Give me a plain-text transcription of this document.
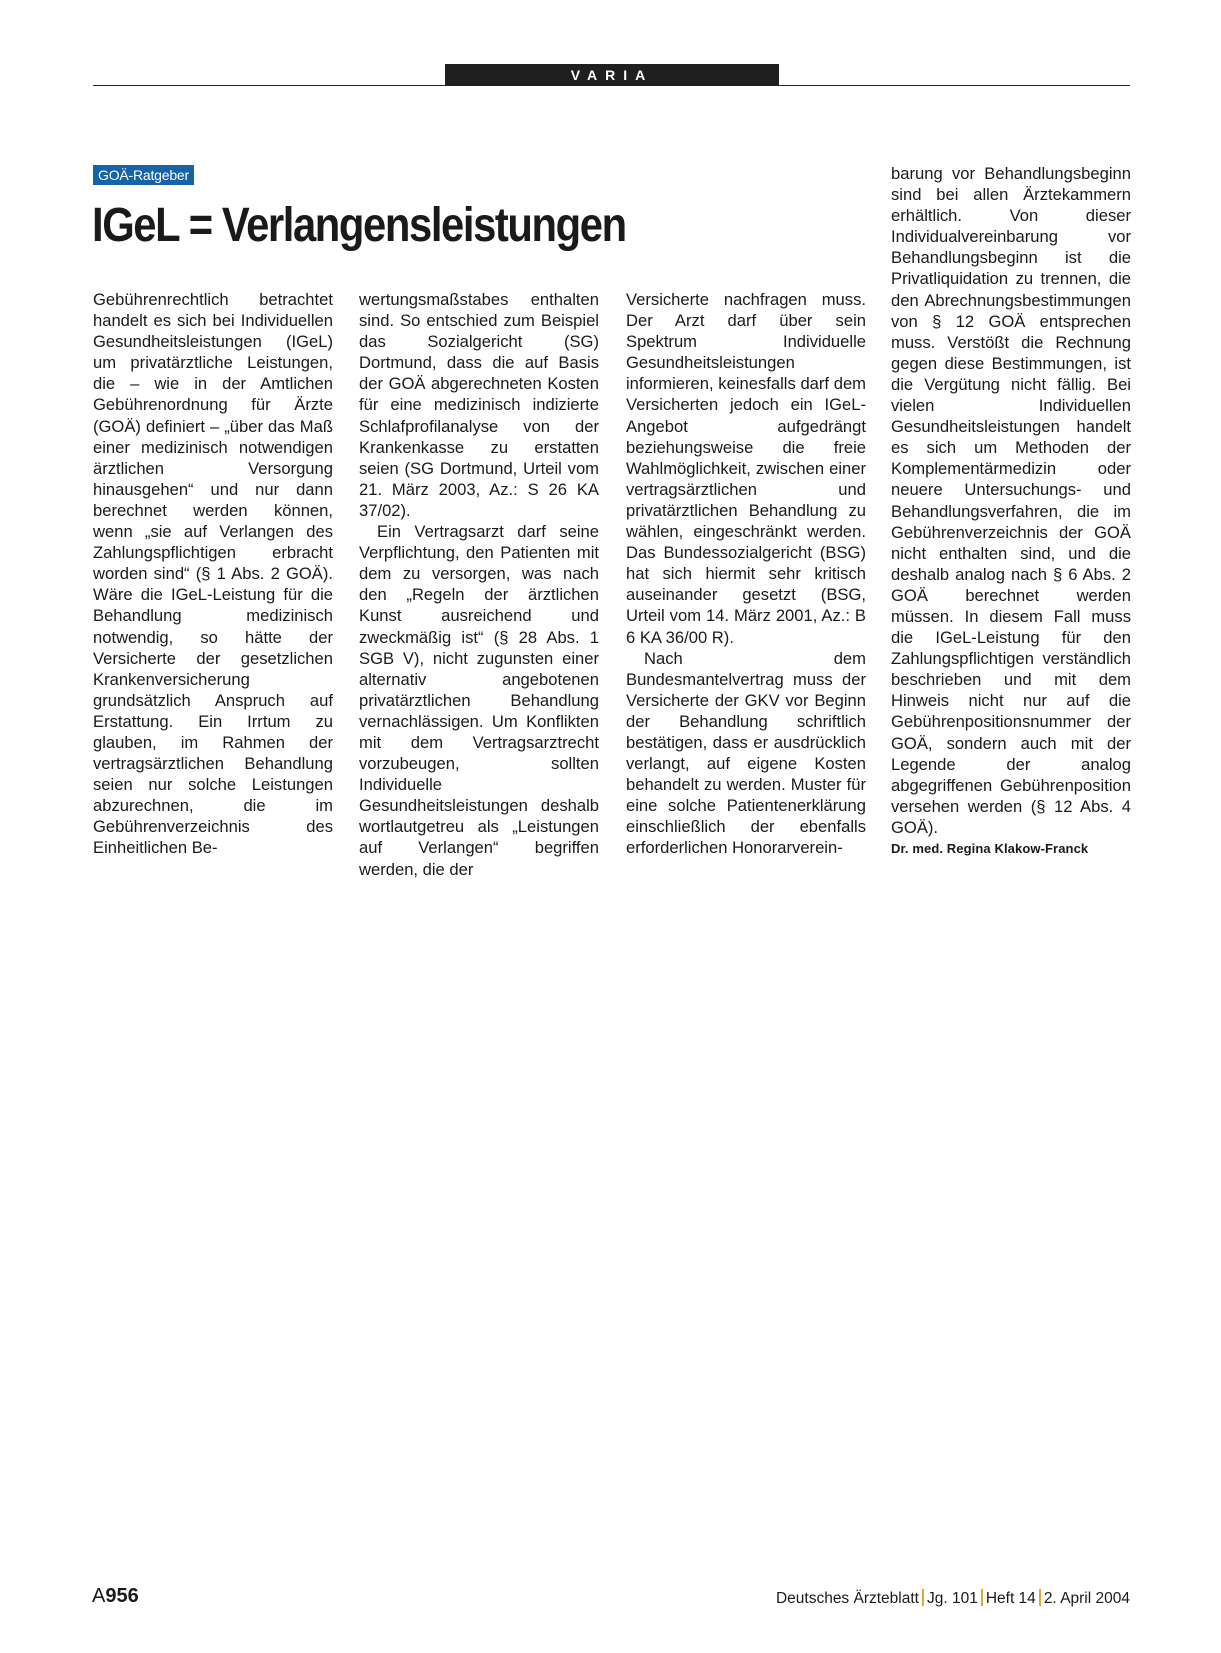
VARIA
GOÄ-Ratgeber
IGeL = Verlangensleistungen

Gebührenrechtlich betrachtet handelt es sich bei Individuellen Gesundheitsleistungen (IGeL) um privatärztliche Leistungen, die – wie in der Amtlichen Gebührenordnung für Ärzte (GOÄ) definiert – „über das Maß einer medizinisch notwendigen ärztlichen Versorgung hinausgehen“ und nur dann berechnet werden können, wenn „sie auf Verlangen des Zahlungspflichtigen erbracht worden sind“ (§ 1 Abs. 2 GOÄ). Wäre die IGeL-Leistung für die Behandlung medizinisch notwendig, so hätte der Versicherte der gesetzlichen Krankenversicherung grundsätzlich Anspruch auf Erstattung. Ein Irrtum zu glauben, im Rahmen der vertragsärztlichen Behandlung seien nur solche Leistungen abzurechnen, die im Gebührenverzeichnis des Einheitlichen Be-

wertungsmaßstabes enthalten sind. So entschied zum Beispiel das Sozialgericht (SG) Dortmund, dass die auf Basis der GOÄ abgerechneten Kosten für eine medizinisch indizierte Schlafprofilanalyse von der Krankenkasse zu erstatten seien (SG Dortmund, Urteil vom 21. März 2003, Az.: S 26 KA 37/02).

Ein Vertragsarzt darf seine Verpflichtung, den Patienten mit dem zu versorgen, was nach den „Regeln der ärztlichen Kunst ausreichend und zweckmäßig ist“ (§ 28 Abs. 1 SGB V), nicht zugunsten einer alternativ angebotenen privatärztlichen Behandlung vernachlässigen. Um Konflikten mit dem Vertragsarztrecht vorzubeugen, sollten Individuelle Gesundheitsleistungen deshalb wortlautgetreu als „Leistungen auf Verlangen“ begriffen werden, die der

Versicherte nachfragen muss. Der Arzt darf über sein Spektrum Individuelle Gesundheitsleistungen informieren, keinesfalls darf dem Versicherten jedoch ein IGeL-Angebot aufgedrängt beziehungsweise die freie Wahlmöglichkeit, zwischen einer vertragsärztlichen und privatärztlichen Behandlung zu wählen, eingeschränkt werden. Das Bundessozialgericht (BSG) hat sich hiermit sehr kritisch auseinander gesetzt (BSG, Urteil vom 14. März 2001, Az.: B 6 KA 36/00 R).

Nach dem Bundesmantelvertrag muss der Versicherte der GKV vor Beginn der Behandlung schriftlich bestätigen, dass er ausdrücklich verlangt, auf eigene Kosten behandelt zu werden. Muster für eine solche Patientenerklärung einschließlich der ebenfalls erforderlichen Honorarverein-

barung vor Behandlungsbeginn sind bei allen Ärztekammern erhältlich. Von dieser Individualvereinbarung vor Behandlungsbeginn ist die Privatliquidation zu trennen, die den Abrechnungsbestimmungen von § 12 GOÄ entsprechen muss. Verstößt die Rechnung gegen diese Bestimmungen, ist die Vergütung nicht fällig. Bei vielen Individuellen Gesundheitsleistungen handelt es sich um Methoden der Komplementärmedizin oder neuere Untersuchungs- und Behandlungsverfahren, die im Gebührenverzeichnis der GOÄ nicht enthalten sind, und die deshalb analog nach § 6 Abs. 2 GOÄ berechnet werden müssen. In diesem Fall muss die IGeL-Leistung für den Zahlungspflichtigen verständlich beschrieben und mit dem Hinweis nicht nur auf die Gebührenpositionsnummer der GOÄ, sondern auch mit der Legende der analog abgegriffenen Gebührenposition versehen werden (§ 12 Abs. 4 GOÄ).

Dr. med. Regina Klakow-Franck

A956	Deutsches Ärzteblatt Jg. 101 Heft 14 2. April 2004
